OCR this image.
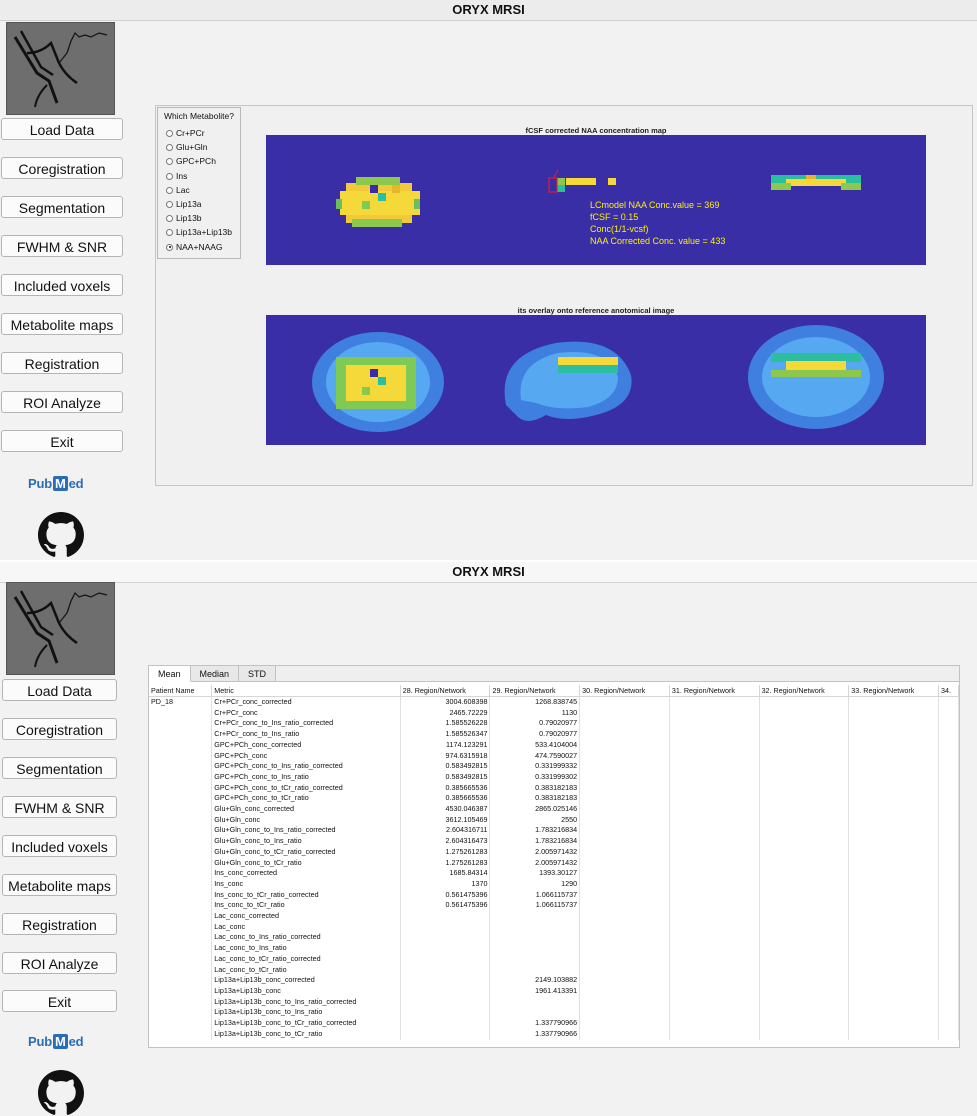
ORYX MRSI
Load Data
Coregistration
Segmentation
FWHM & SNR
Included voxels
Metabolite maps
Registration
ROI Analyze
Exit
Pub M ed
Which Metabolite?
Cr+PCr
Glu+Gln
GPC+PCh
Ins
Lac
Lip13a
Lip13b
Lip13a+Lip13b
NAA+NAAG
fCSF corrected NAA concentration map
LCmodel NAA Conc.value = 369
fCSF = 0.15
Conc(1/1-vcsf)
NAA Corrected Conc. value = 433
its overlay onto reference anotomical image
ORYX MRSI
Load Data
Coregistration
Segmentation
FWHM & SNR
Included voxels
Metabolite maps
Registration
ROI Analyze
Exit
Pub M ed
Mean	Median	STD
Patient Name	Metric	28. Region/Network	29. Region/Network	30. Region/Network	31. Region/Network	32. Region/Network	33. Region/Network	34.
PD_18	Cr+PCr_conc_corrected	3004.608398	1268.838745					
	Cr+PCr_conc	2465.72229	1130					
	Cr+PCr_conc_to_Ins_ratio_corrected	1.585526228	0.79020977					
	Cr+PCr_conc_to_Ins_ratio	1.585526347	0.79020977					
	GPC+PCh_conc_corrected	1174.123291	533.4104004					
	GPC+PCh_conc	974.6315918	474.7590027					
	GPC+PCh_conc_to_Ins_ratio_corrected	0.583492815	0.331999332					
	GPC+PCh_conc_to_Ins_ratio	0.583492815	0.331999302					
	GPC+PCh_conc_to_tCr_ratio_corrected	0.385665536	0.383182183					
	GPC+PCh_conc_to_tCr_ratio	0.385665536	0.383182183					
	Glu+Gln_conc_corrected	4530.046387	2865.025146					
	Glu+Gln_conc	3612.105469	2550					
	Glu+Gln_conc_to_Ins_ratio_corrected	2.604316711	1.783216834					
	Glu+Gln_conc_to_Ins_ratio	2.604316473	1.783216834					
	Glu+Gln_conc_to_tCr_ratio_corrected	1.275261283	2.005971432					
	Glu+Gln_conc_to_tCr_ratio	1.275261283	2.005971432					
	Ins_conc_corrected	1685.84314	1393.30127					
	Ins_conc	1370	1290					
	Ins_conc_to_tCr_ratio_corrected	0.561475396	1.066115737					
	Ins_conc_to_tCr_ratio	0.561475396	1.066115737					
	Lac_conc_corrected							
	Lac_conc							
	Lac_conc_to_Ins_ratio_corrected							
	Lac_conc_to_Ins_ratio							
	Lac_conc_to_tCr_ratio_corrected							
	Lac_conc_to_tCr_ratio							
	Lip13a+Lip13b_conc_corrected		2149.103882					
	Lip13a+Lip13b_conc		1961.413391					
	Lip13a+Lip13b_conc_to_Ins_ratio_corrected							
	Lip13a+Lip13b_conc_to_Ins_ratio							
	Lip13a+Lip13b_conc_to_tCr_ratio_corrected		1.337790966					
	Lip13a+Lip13b_conc_to_tCr_ratio		1.337790966					
